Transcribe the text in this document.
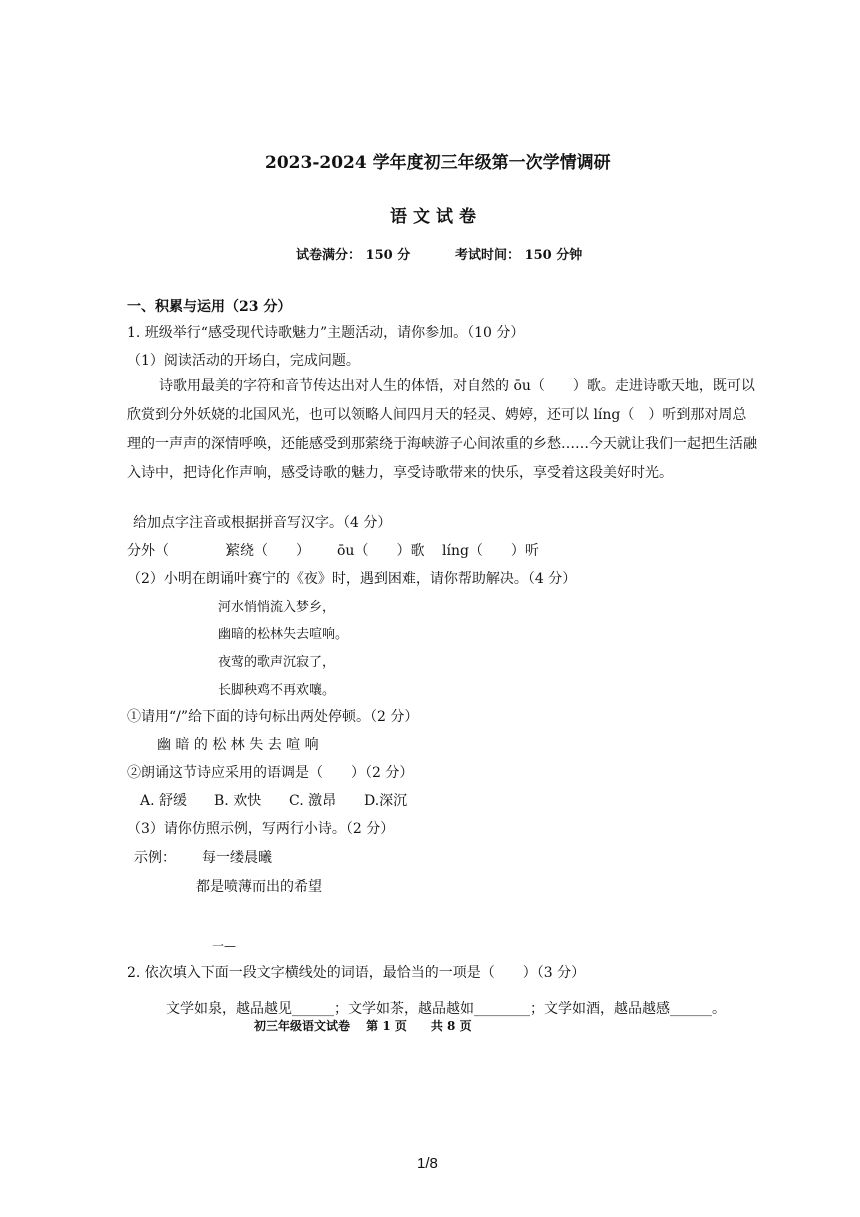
2023-2024 学年度初三年级第一次学情调研
语文试卷
试卷满分： 150 分	考试时间： 150 分钟
一、积累与运用（23 分）
1. 班级举行“感受现代诗歌魅力”主题活动，请你参加。（10 分）
（1）阅读活动的开场白，完成问题。
诗歌用最美的字符和音节传达出对人生的体悟，对自然的 ōu（　　）歌。走进诗歌天地，既可以欣赏到分外妖娆的北国风光，也可以领略人间四月天的轻灵、娉婷，还可以 líng（　）听到那对周总理的一声声的深情呼唤，还能感受到那萦绕于海峡游子心间浓重的乡愁……今天就让我们一起把生活融入诗中，把诗化作声响，感受诗歌的魅力，享受诗歌带来的快乐，享受着这段美好时光。
给加点字注音或根据拼音写汉字。（4 分）
分外（　　　　）
萦绕（　　） ōu（　　）歌 líng（　　）听
（2）小明在朗诵叶赛宁的《夜》时，遇到困难，请你帮助解决。（4 分）
河水悄悄流入梦乡，
幽暗的松林失去喧响。
夜莺的歌声沉寂了，
长脚秧鸡不再欢嚷。
①请用“/”给下面的诗句标出两处停顿。（2 分）
幽 暗 的 松 林 失 去 喧 响
②朗诵这节诗应采用的语调是（　　）（2 分）
A. 舒缓 B. 欢快 C. 激昂 D.深沉
（3）请你仿照示例，写两行小诗。（2 分）
示例： 每一缕晨曦
都是喷薄而出的希望
一—
2. 依次填入下面一段文字横线处的词语，最恰当的一项是（　　）（3 分）
文学如泉，越品越见______；文学如茶，越品越如________；文学如酒，越品越感______。
初三年级语文试卷　 第 1 页　　共 8 页
1/8
